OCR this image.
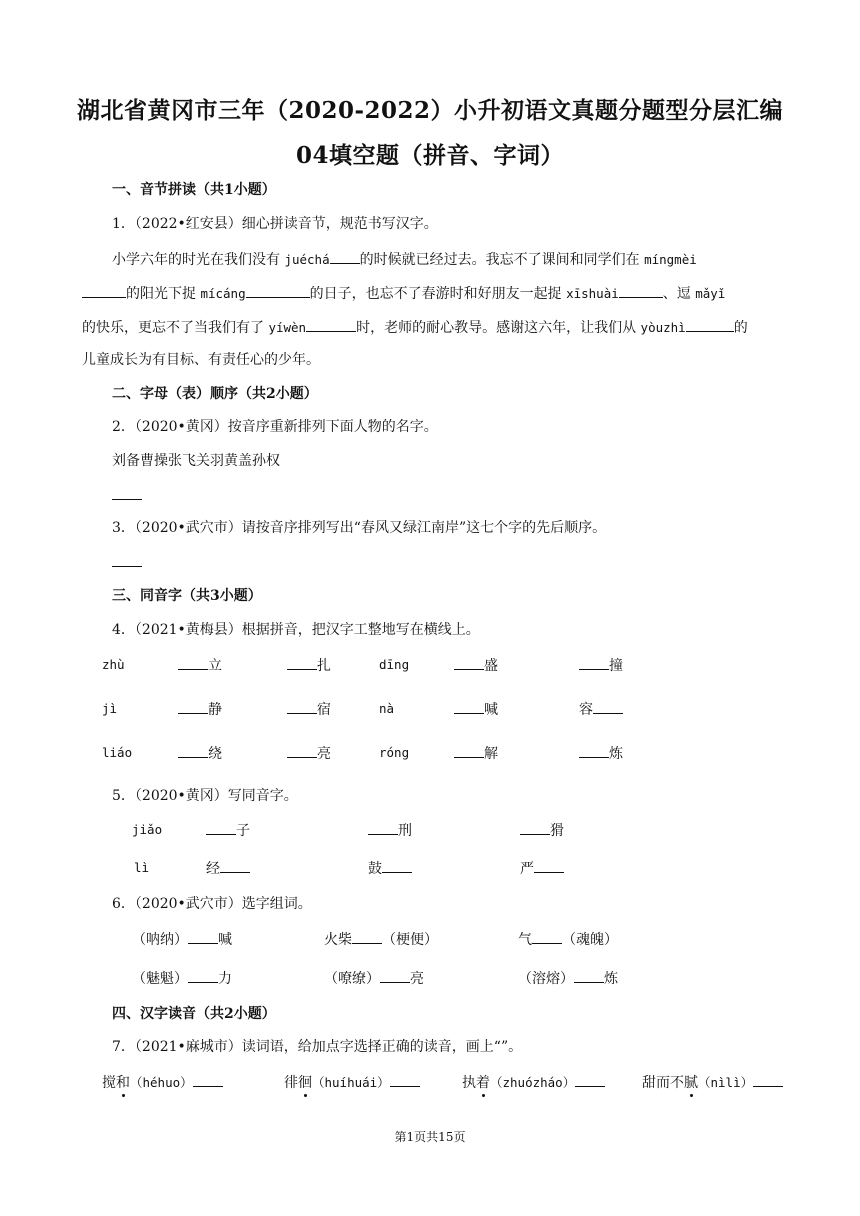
湖北省黄冈市三年（2020-2022）小升初语文真题分题型分层汇编
04填空题（拼音、字词）
一、音节拼读（共1小题）
1．（2022•红安县）细心拼读音节，规范书写汉字。
小学六年的时光在我们没有 juéchá 的时候就已经过去。我忘不了课间和同学们在 míngmèi
的阳光下捉 mícáng	的日子，也忘不了春游时和好朋友一起捉 xīshuài	、逗 mǎyǐ
的快乐，更忘不了当我们有了 yíwèn	时，老师的耐心教导。感谢这六年，让我们从 yòuzhì	的
儿童成长为有目标、有责任心的少年。
二、字母（表）顺序（共2小题）
2．（2020•黄冈）按音序重新排列下面人物的名字。
刘备曹操张飞关羽黄盖孙权
3．（2020•武穴市）请按音序排列写出“春风又绿江南岸”这七个字的先后顺序。
三、同音字（共3小题）
4．（2021•黄梅县）根据拼音，把汉字工整地写在横线上。
zhù	立	扎	dīng	盛	撞
jì	静	宿	nà	喊	容
liáo	绕	亮	róng	解	炼
5．（2020•黄冈）写同音字。
jiǎo	子	刑	猾
lì	经	鼓	严
6．（2020•武穴市）选字组词。
（呐纳） 喊	火柴 （梗便）	气 （魂魄）
（魅魁） 力	（嘹缭） 亮	（溶熔） 炼
四、汉字读音（共2小题）
7．（2021•麻城市）读词语，给加点字选择正确的读音，画上“”。
搅和（héhuo）	徘徊（huíhuái）	执着（zhuózháo）	甜而不腻（nìlì）
第1页共15页
